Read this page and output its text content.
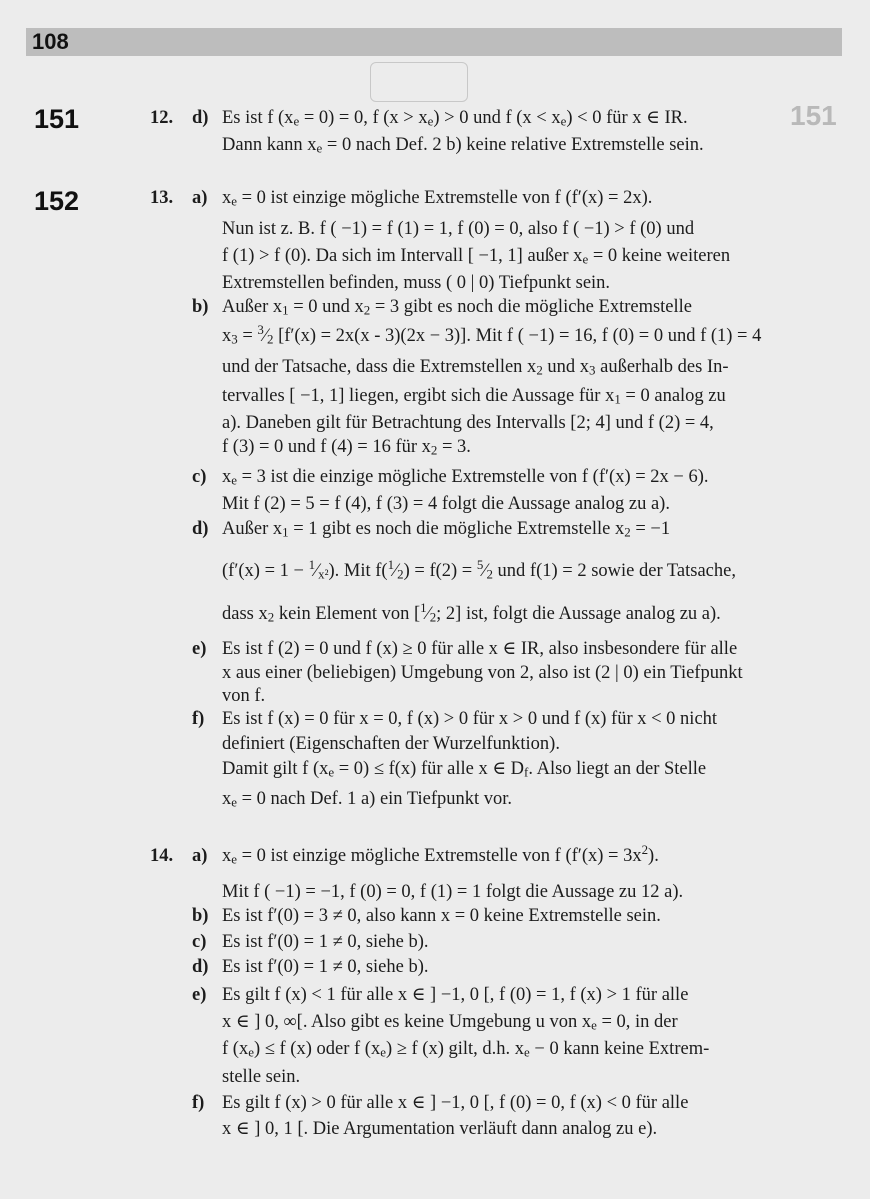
108
151
151
152
12. d) Es ist f $(x_e = 0) = 0$, f $(x > x_e) > 0$ und f $(x < x_e) < 0$ für x ∈ IR.
Dann kann $x_e = 0$ nach Def. 2 b) keine relative Extremstelle sein.
13. a) $x_e = 0$ ist einzige mögliche Extremstelle von f (f′(x) = 2x).
Nun ist z. B. f ( −1) = f (1) = 1, f (0) = 0, also f ( −1) > f (0) und
f (1) > f (0). Da sich im Intervall [ −1, 1] außer $x_e = 0$ keine weiteren
Extremstellen befinden, muss ( 0 | 0) Tiefpunkt sein.
b) Außer $x_1 = 0$ und $x_2 = 3$ gibt es noch die mögliche Extremstelle
$x_3$ = $^3⁄_2$ [f′(x) = 2x(x - 3)(2x − 3)]. Mit f ( −1) = 16, f (0) = 0 und f (1) = 4
und der Tatsache, dass die Extremstellen $x_2$ und $x_3$ außerhalb des In-
tervalles [ −1, 1] liegen, ergibt sich die Aussage für $x_1 = 0$ analog zu
a). Daneben gilt für Betrachtung des Intervalls [2; 4] und f (2) = 4,
f (3) = 0 und f (4) = 16 für $x_2 = 3$.
c) $x_e = 3$ ist die einzige mögliche Extremstelle von f (f′(x) = 2x − 6).
Mit f (2) = 5 = f (4), f (3) = 4 folgt die Aussage analog zu a).
d) Außer $x_1 = 1$ gibt es noch die mögliche Extremstelle $x_2 = -1$
$(f'(x) = 1 - ^1⁄_{x^2})$. Mit $f(^1⁄_2) = f(2)$ = $^5⁄_2$ und f(1) = 2 sowie der Tatsache,
dass $x_2$ kein Element von [$^1⁄_2$; 2] ist, folgt die Aussage analog zu a).
e) Es ist f (2) = 0 und f (x) ≥ 0 für alle x ∈ IR, also insbesondere für alle
x aus einer (beliebigen) Umgebung von 2, also ist (2 | 0) ein Tiefpunkt
von f.
f) Es ist f (x) = 0 für x = 0, f (x) > 0 für x > 0 und f (x) für x < 0 nicht
definiert (Eigenschaften der Wurzelfunktion).
Damit gilt f $(x_e = 0) \le f(x)$ für alle x ∈ $D_f$. Also liegt an der Stelle
$x_e = 0$ nach Def. 1 a) ein Tiefpunkt vor.
14. a) $x_e = 0$ ist einzige mögliche Extremstelle von f $(f'(x) = 3x^2)$.
Mit f ( −1) = −1, f (0) = 0, f (1) = 1 folgt die Aussage zu 12 a).
b) Es ist f′(0) = 3 ≠ 0, also kann x = 0 keine Extremstelle sein.
c) Es ist f′(0) = 1 ≠ 0, siehe b).
d) Es ist f′(0) = 1 ≠ 0, siehe b).
e) Es gilt f (x) < 1 für alle x ∈ ] −1, 0 [, f (0) = 1, f (x) > 1 für alle
x ∈ ] 0, ∞[. Also gibt es keine Umgebung u von $x_e = 0$, in der
f $(x_e) \le f$ (x) oder f $(x_e) \ge f$ (x) gilt, d.h. $x_e - 0$ kann keine Extrem-
stelle sein.
f) Es gilt f (x) > 0 für alle x ∈ ] −1, 0 [, f (0) = 0, f (x) < 0 für alle
x ∈ ] 0, 1 [. Die Argumentation verläuft dann analog zu e).
